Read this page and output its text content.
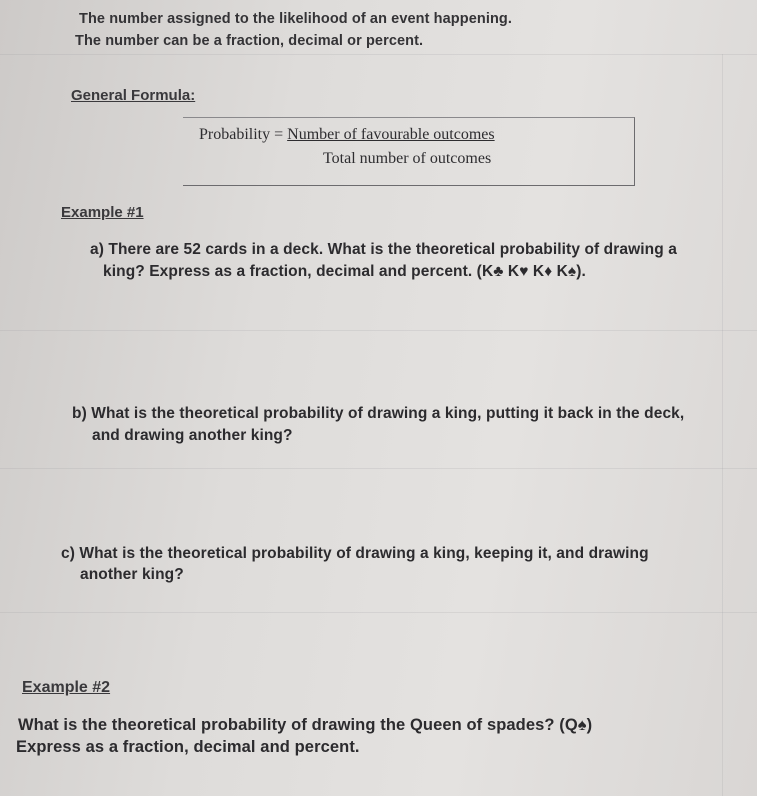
The number assigned to the likelihood of an event happening.

The number can be a fraction, decimal or percent.

General Formula:

Probability = Number of favourable outcomes

Total number of outcomes

Example #1

a) There are 52 cards in a deck. What is the theoretical probability of drawing a

king? Express as a fraction, decimal and percent. (K♣ K♥ K♦ K♠).

b) What is the theoretical probability of drawing a king, putting it back in the deck,

and drawing another king?

c) What is the theoretical probability of drawing a king, keeping it, and drawing

another king?

Example #2

What is the theoretical probability of drawing the Queen of spades? (Q♠)

Express as a fraction, decimal and percent.
